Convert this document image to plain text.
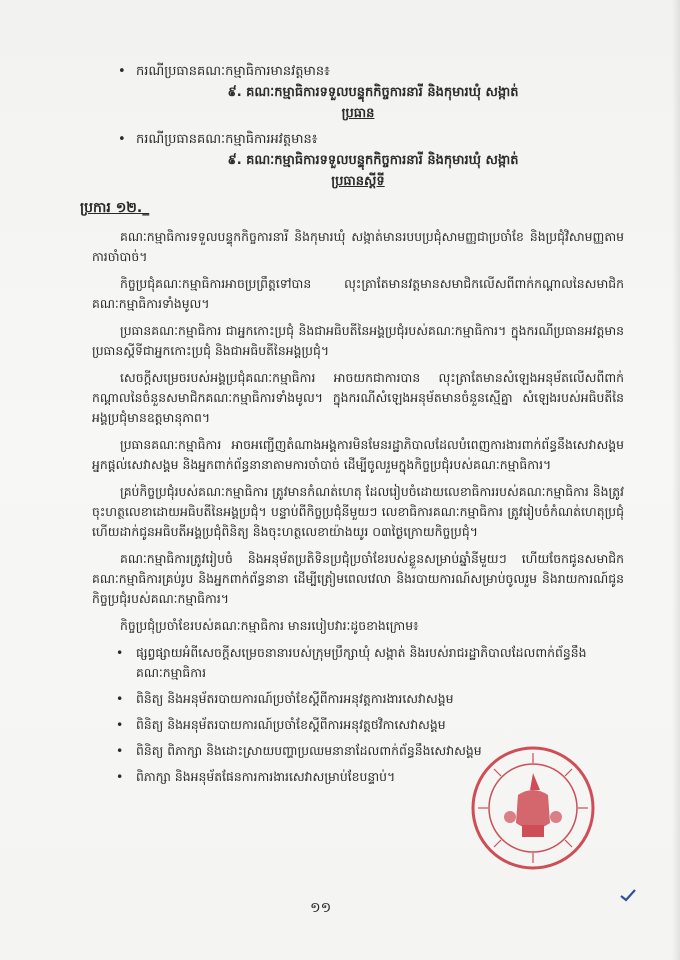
• ករណីប្រធានគណៈកម្មាធិការមានវត្តមាន៖
៩. គណៈកម្មាធិការទទួលបន្ទុកកិច្ចការនារី និងកុមារឃុំ សង្កាត់
ប្រធាន
• ករណីប្រធានគណៈកម្មាធិការអវត្តមាន៖
៩. គណៈកម្មាធិការទទួលបន្ទុកកិច្ចការនារី និងកុមារឃុំ សង្កាត់
ប្រធានស្តីទី
ប្រការ ១២._

គណៈកម្មាធិការទទួលបន្ទុកកិច្ចការនារី និងកុមារឃុំ សង្កាត់មានរបបប្រជុំសាមញ្ញជាប្រចាំខែ និងប្រជុំវិសាមញ្ញតាមការចាំបាច់។

កិច្ចប្រជុំគណៈកម្មាធិការអាចប្រព្រឹត្តទៅបាន លុះត្រាតែមានវត្តមានសមាជិកលើសពីពាក់កណ្តាលនៃសមាជិកគណៈកម្មាធិការទាំងមូល។

ប្រធានគណៈកម្មាធិការ ជាអ្នកកោះប្រជុំ និងជាអធិបតីនៃអង្គប្រជុំរបស់គណៈកម្មាធិការ។ ក្នុងករណីប្រធានអវត្តមាន ប្រធានស្តីទីជាអ្នកកោះប្រជុំ និងជាអធិបតីនៃអង្គប្រជុំ។

សេចក្តីសម្រេចរបស់អង្គប្រជុំគណៈកម្មាធិការ អាចយកជាការបាន លុះត្រាតែមានសំឡេងអនុម័តលើសពីពាក់កណ្តាលនៃចំនួនសមាជិកគណៈកម្មាធិការទាំងមូល។ ក្នុងករណីសំឡេងអនុម័តមានចំនួនស្មើគ្នា សំឡេងរបស់អធិបតីនៃអង្គប្រជុំមានឧត្តមានុភាព។

ប្រធានគណៈកម្មាធិការ អាចអញ្ជើញតំណាងអង្គការមិនមែនរដ្ឋាភិបាលដែលបំពេញការងារពាក់ព័ន្ធនឹងសេវាសង្គម អ្នកផ្តល់សេវាសង្គម និងអ្នកពាក់ព័ន្ធនានាតាមការចាំបាច់ ដើម្បីចូលរួមក្នុងកិច្ចប្រជុំរបស់គណៈកម្មាធិការ។

គ្រប់កិច្ចប្រជុំរបស់គណៈកម្មាធិការ ត្រូវមានកំណត់ហេតុ ដែលរៀបចំដោយលេខាធិការរបស់គណៈកម្មាធិការ និងត្រូវចុះហត្ថលេខាដោយអធិបតីនៃអង្គប្រជុំ។ បន្ទាប់ពីកិច្ចប្រជុំនីមួយៗ លេខាធិការគណៈកម្មាធិការ ត្រូវរៀបចំកំណត់ហេតុប្រជុំ ហើយដាក់ជូនអធិបតីអង្គប្រជុំពិនិត្យ និងចុះហត្ថលេខាយ៉ាងយូរ ០៣ថ្ងៃក្រោយកិច្ចប្រជុំ។

គណៈកម្មាធិការត្រូវរៀបចំ និងអនុម័តប្រតិទិនប្រជុំប្រចាំខែរបស់ខ្លួនសម្រាប់ឆ្នាំនីមួយៗ ហើយចែកជូនសមាជិកគណៈកម្មាធិការគ្រប់រូប និងអ្នកពាក់ព័ន្ធនានា ដើម្បីត្រៀមពេលវេលា និងរបាយការណ៍សម្រាប់ចូលរួម និងរាយការណ៍ជូនកិច្ចប្រជុំរបស់គណៈកម្មាធិការ។

កិច្ចប្រជុំប្រចាំខែរបស់គណៈកម្មាធិការ មានរបៀបវារៈដូចខាងក្រោម៖

• ផ្សព្វផ្សាយអំពីសេចក្តីសម្រេចនានារបស់ក្រុមប្រឹក្សាឃុំ សង្កាត់ និងរបស់រាជរដ្ឋាភិបាលដែលពាក់ព័ន្ធនឹងគណៈកម្មាធិការ
• ពិនិត្យ និងអនុម័តរបាយការណ៍ប្រចាំខែស្តីពីការអនុវត្តការងារសេវាសង្គម
• ពិនិត្យ និងអនុម័តរបាយការណ៍ប្រចាំខែស្តីពីការអនុវត្តថវិកាសេវាសង្គម
• ពិនិត្យ ពិភាក្សា និងដោះស្រាយបញ្ហាប្រឈមនានាដែលពាក់ព័ន្ធនឹងសេវាសង្គម
• ពិភាក្សា និងអនុម័តផែនការការងារសេវាសម្រាប់ខែបន្ទាប់។
១១
